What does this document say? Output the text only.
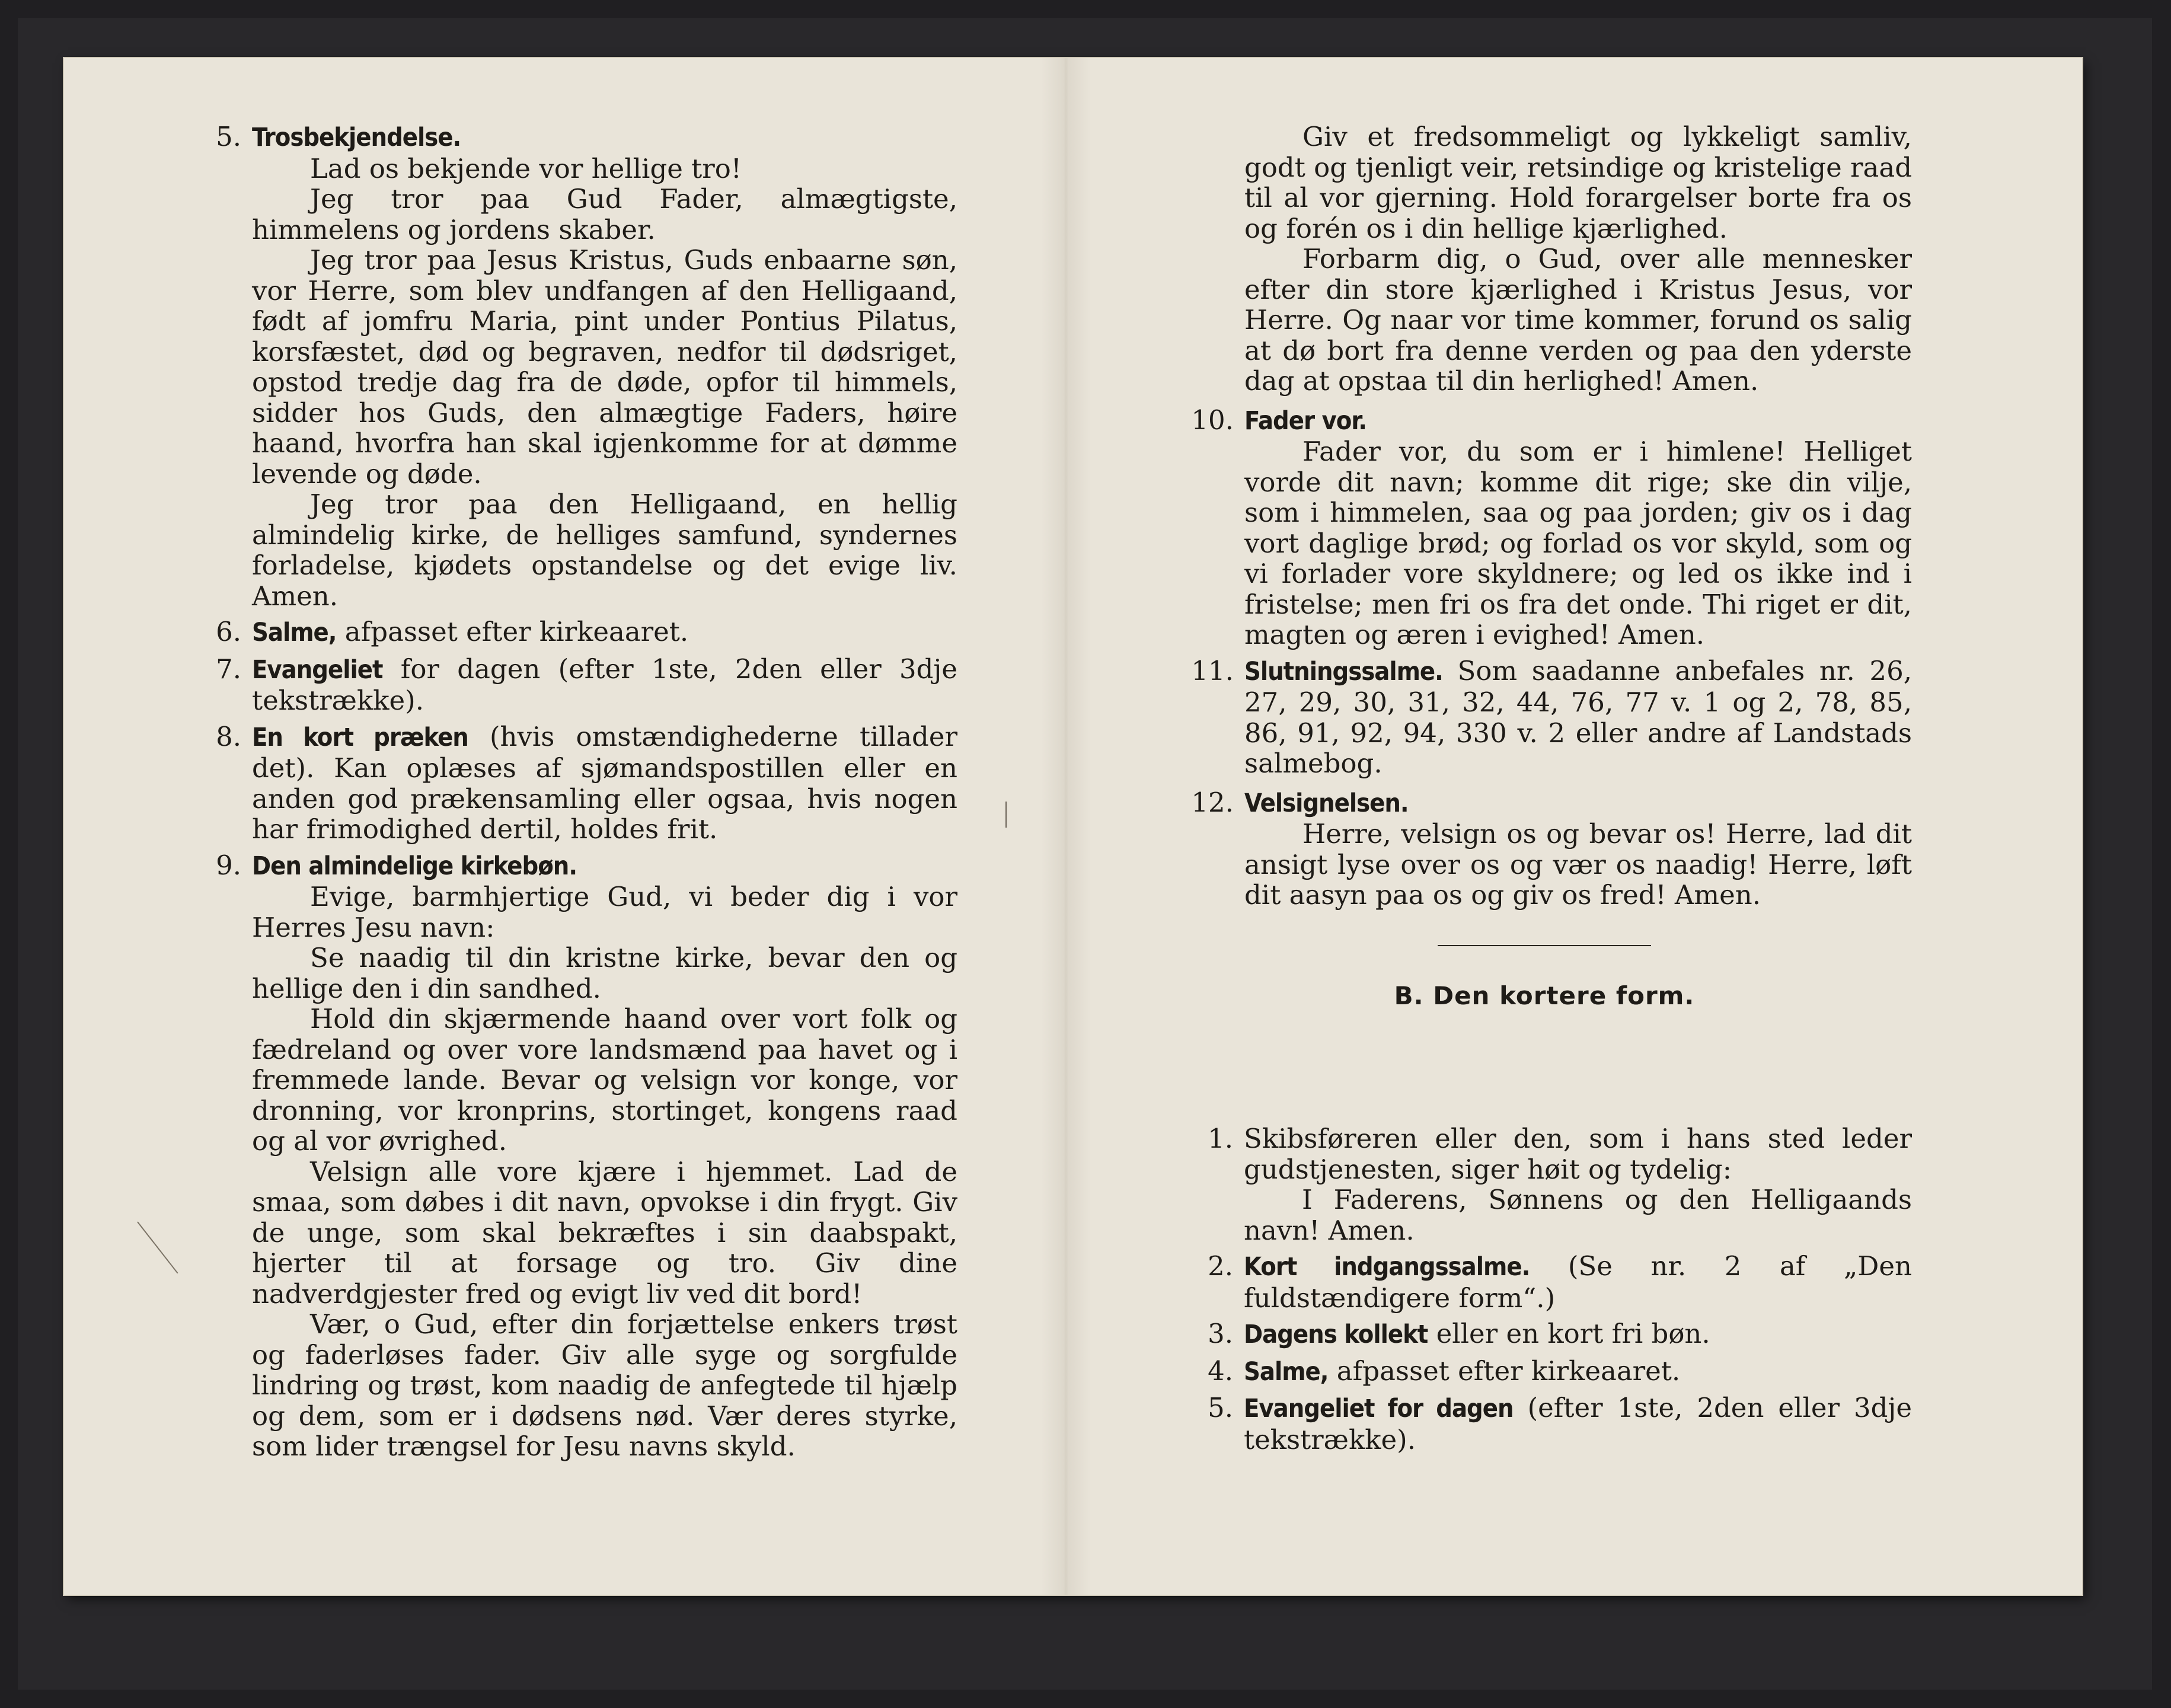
5. Trosbekjendelse.

Lad os bekjende vor hellige tro!

Jeg tror paa Gud Fader, almægtigste, himmelens og jordens skaber.

Jeg tror paa Jesus Kristus, Guds enbaarne søn, vor Herre, som blev undfangen af den Helligaand, født af jomfru Maria, pint under Pontius Pilatus, korsfæstet, død og begraven, nedfor til dødsriget, opstod tredje dag fra de døde, opfor til himmels, sidder hos Guds, den almægtige Faders, høire haand, hvorfra han skal igjenkomme for at dømme levende og døde.

Jeg tror paa den Helligaand, en hellig almindelig kirke, de helliges samfund, syndernes forladelse, kjødets opstandelse og det evige liv. Amen.

6. Salme, afpasset efter kirkeaaret.

7. Evangeliet for dagen (efter 1ste, 2den eller 3dje tekstrække).

8. En kort præken (hvis omstændighederne tillader det). Kan oplæses af sjømandspostillen eller en anden god prækensamling eller ogsaa, hvis nogen har frimodighed dertil, holdes frit.

9. Den almindelige kirkebøn.

Evige, barmhjertige Gud, vi beder dig i vor Herres Jesu navn:

Se naadig til din kristne kirke, bevar den og hellige den i din sandhed.

Hold din skjærmende haand over vort folk og fædreland og over vore landsmænd paa havet og i fremmede lande. Bevar og velsign vor konge, vor dronning, vor kronprins, stortinget, kongens raad og al vor øvrighed.

Velsign alle vore kjære i hjemmet. Lad de smaa, som døbes i dit navn, opvokse i din frygt. Giv de unge, som skal bekræftes i sin daabspakt, hjerter til at forsage og tro. Giv dine nadverdgjester fred og evigt liv ved dit bord!

Vær, o Gud, efter din forjættelse enkers trøst og faderløses fader. Giv alle syge og sorgfulde lindring og trøst, kom naadig de anfegtede til hjælp og dem, som er i dødsens nød. Vær deres styrke, som lider trængsel for Jesu navns skyld.

Giv et fredsommeligt og lykkeligt samliv, godt og tjenligt veir, retsindige og kristelige raad til al vor gjerning. Hold forargelser borte fra os og forén os i din hellige kjærlighed.

Forbarm dig, o Gud, over alle mennesker efter din store kjærlighed i Kristus Jesus, vor Herre. Og naar vor time kommer, forund os salig at dø bort fra denne verden og paa den yderste dag at opstaa til din herlighed! Amen.

10. Fader vor.

Fader vor, du som er i himlene! Helliget vorde dit navn; komme dit rige; ske din vilje, som i himmelen, saa og paa jorden; giv os i dag vort daglige brød; og forlad os vor skyld, som og vi forlader vore skyldnere; og led os ikke ind i fristelse; men fri os fra det onde. Thi riget er dit, magten og æren i evighed! Amen.

11. Slutningssalme. Som saadanne anbefales nr. 26, 27, 29, 30, 31, 32, 44, 76, 77 v. 1 og 2, 78, 85, 86, 91, 92, 94, 330 v. 2 eller andre af Landstads salmebog.

12. Velsignelsen.

Herre, velsign os og bevar os! Herre, lad dit ansigt lyse over os og vær os naadig! Herre, løft dit aasyn paa os og giv os fred! Amen.

B. Den kortere form.
1. Skibsføreren eller den, som i hans sted leder gudstjenesten, siger høit og tydelig:

I Faderens, Sønnens og den Helligaands navn! Amen.

2. Kort indgangssalme. (Se nr. 2 af „Den fuldstændigere form“.)

3. Dagens kollekt eller en kort fri bøn.

4. Salme, afpasset efter kirkeaaret.

5. Evangeliet for dagen (efter 1ste, 2den eller 3dje tekstrække).
